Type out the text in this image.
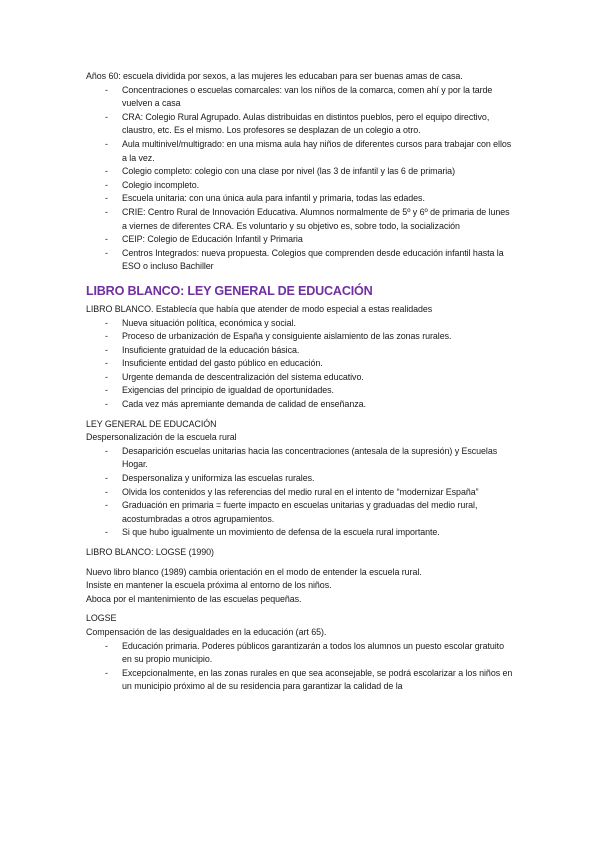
Años 60: escuela dividida por sexos, a las mujeres les educaban para ser buenas amas de casa.

- Concentraciones o escuelas comarcales: van los niños de la comarca, comen ahí y por la tarde vuelven a casa
- CRA: Colegio Rural Agrupado. Aulas distribuidas en distintos pueblos, pero el equipo directivo, claustro, etc. Es el mismo. Los profesores se desplazan de un colegio a otro.
- Aula multinivel/multigrado: en una misma aula hay niños de diferentes cursos para trabajar con ellos a la vez.
- Colegio completo: colegio con una clase por nivel (las 3 de infantil y las 6 de primaria)
- Colegio incompleto.
- Escuela unitaria: con una única aula para infantil y primaria, todas las edades.
- CRIE: Centro Rural de Innovación Educativa. Alumnos normalmente de 5º y 6º de primaria de lunes a viernes de diferentes CRA. Es voluntario y su objetivo es, sobre todo, la socialización
- CEIP: Colegio de Educación Infantil y Primaria
- Centros Integrados: nueva propuesta. Colegios que comprenden desde educación infantil hasta la ESO o incluso Bachiller
LIBRO BLANCO: LEY GENERAL DE EDUCACIÓN

LIBRO BLANCO. Establecía que había que atender de modo especial a estas realidades

- Nueva situación política, económica y social.
- Proceso de urbanización de España y consiguiente aislamiento de las zonas rurales.
- Insuficiente gratuidad de la educación básica.
- Insuficiente entidad del gasto público en educación.
- Urgente demanda de descentralización del sistema educativo.
- Exigencias del principio de igualdad de oportunidades.
- Cada vez más apremiante demanda de calidad de enseñanza.

LEY GENERAL DE EDUCACIÓN

Despersonalización de la escuela rural

- Desaparición escuelas unitarias hacia las concentraciones (antesala de la supresión) y Escuelas Hogar.
- Despersonaliza y uniformiza las escuelas rurales.
- Olvida los contenidos y las referencias del medio rural en el intento de “modernizar España”
- Graduación en primaria = fuerte impacto en escuelas unitarias y graduadas del medio rural, acostumbradas a otros agrupamientos.
- Si que hubo igualmente un movimiento de defensa de la escuela rural importante.

LIBRO BLANCO: LOGSE (1990)

Nuevo libro blanco (1989) cambia orientación en el modo de entender la escuela rural.

Insiste en mantener la escuela próxima al entorno de los niños.

Aboca por el mantenimiento de las escuelas pequeñas.

LOGSE

Compensación de las desigualdades en la educación (art 65).

- Educación primaria. Poderes públicos garantizarán a todos los alumnos un puesto escolar gratuito en su propio municipio.
- Excepcionalmente, en las zonas rurales en que sea aconsejable, se podrá escolarizar a los niños en un municipio próximo al de su residencia para garantizar la calidad de la
